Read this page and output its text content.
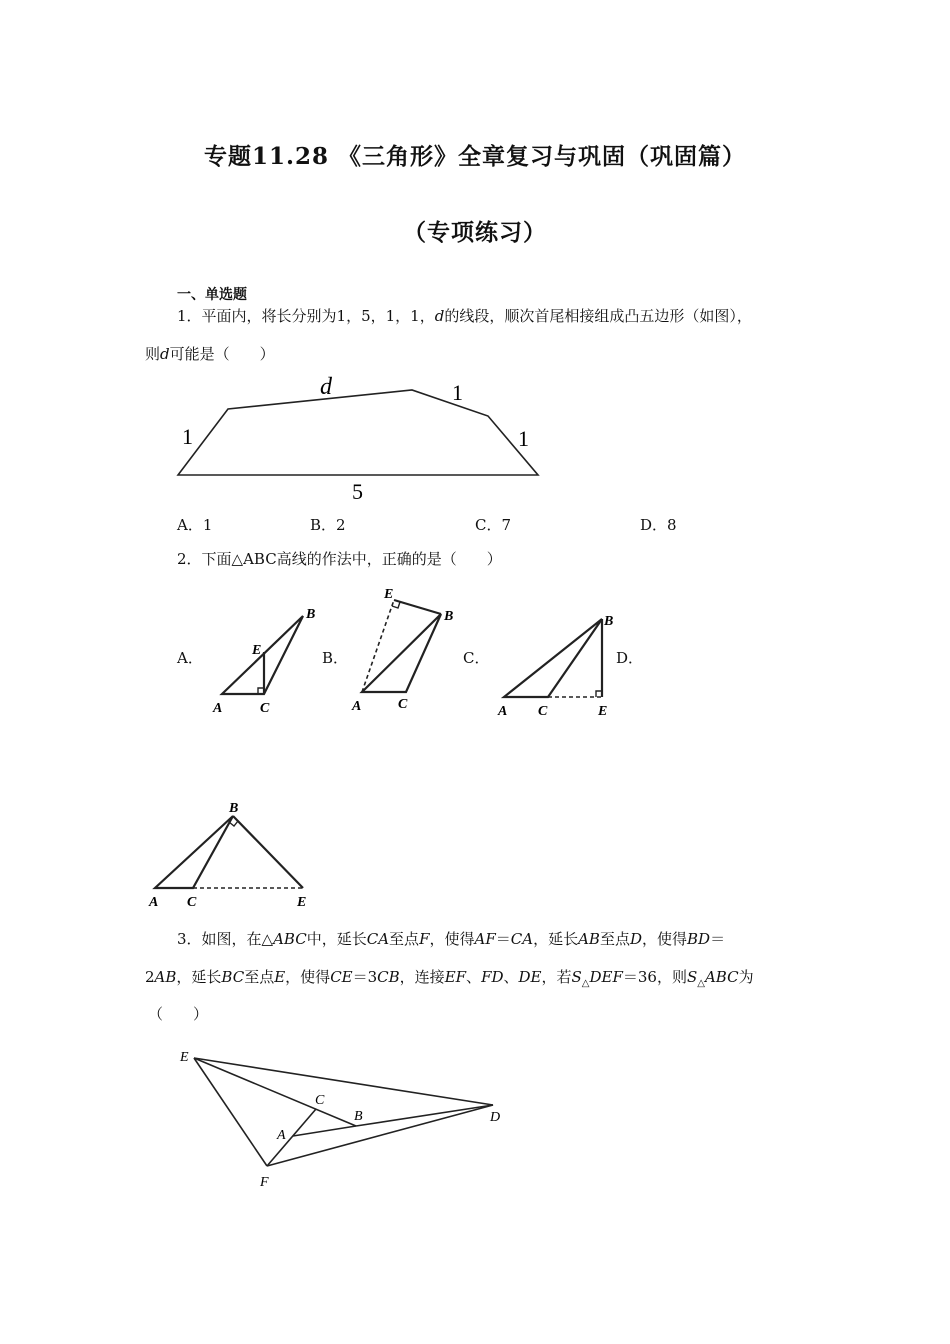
专题11.28 《三角形》全章复习与巩固（巩固篇）
（专项练习）
一、单选题
1．平面内，将长分别为1，5，1，1，d的线段，顺次首尾相接组成凸五边形（如图），
则d可能是（　　）
d	1
1
1
5
A．1	B．2	C．7	D．8
2．下面△ABC高线的作法中，正确的是（　　）
A．	B．	C．	D．
A	C
B
E
E
B
A	C	A C	E
B
B
A C	E
3．如图，在△ABC中，延长CA至点F，使得AF＝CA，延长AB至点D，使得BD＝
2AB，延长BC至点E，使得CE＝3CB，连接EF、FD、DE，若$S_\triangle DEF=36$，则$S_\triangle ABC$为
（　　）
E
C
B
A
D
F
